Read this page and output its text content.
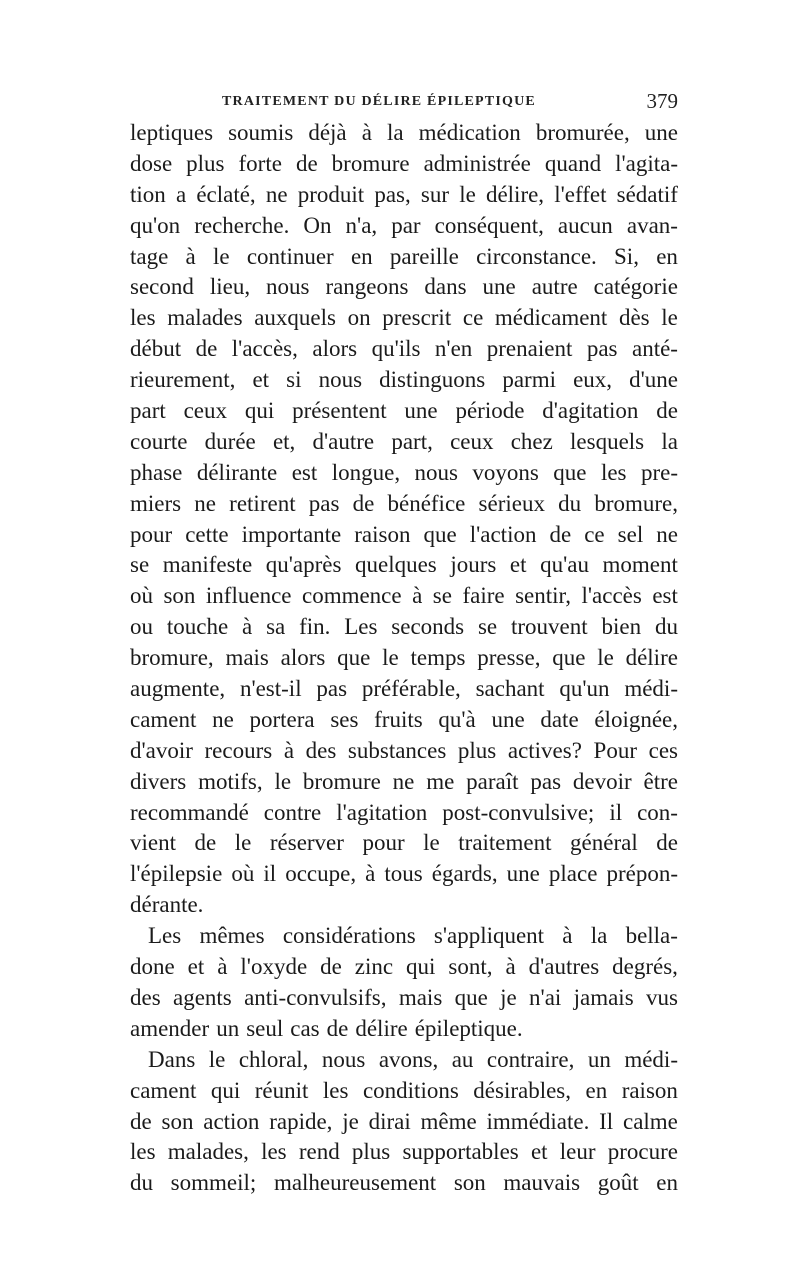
TRAITEMENT DU DÉLIRE ÉPILEPTIQUE	379
leptiques soumis déjà à la médication bromurée, une
dose plus forte de bromure administrée quand l'agita-
tion a éclaté, ne produit pas, sur le délire, l'effet sédatif
qu'on recherche. On n'a, par conséquent, aucun avan-
tage à le continuer en pareille circonstance. Si, en
second lieu, nous rangeons dans une autre catégorie
les malades auxquels on prescrit ce médicament dès le
début de l'accès, alors qu'ils n'en prenaient pas anté-
rieurement, et si nous distinguons parmi eux, d'une
part ceux qui présentent une période d'agitation de
courte durée et, d'autre part, ceux chez lesquels la
phase délirante est longue, nous voyons que les pre-
miers ne retirent pas de bénéfice sérieux du bromure,
pour cette importante raison que l'action de ce sel ne
se manifeste qu'après quelques jours et qu'au moment
où son influence commence à se faire sentir, l'accès est
ou touche à sa fin. Les seconds se trouvent bien du
bromure, mais alors que le temps presse, que le délire
augmente, n'est-il pas préférable, sachant qu'un médi-
cament ne portera ses fruits qu'à une date éloignée,
d'avoir recours à des substances plus actives? Pour ces
divers motifs, le bromure ne me paraît pas devoir être
recommandé contre l'agitation post-convulsive; il con-
vient de le réserver pour le traitement général de
l'épilepsie où il occupe, à tous égards, une place prépon-
dérante.
Les mêmes considérations s'appliquent à la bella-
done et à l'oxyde de zinc qui sont, à d'autres degrés,
des agents anti-convulsifs, mais que je n'ai jamais vus
amender un seul cas de délire épileptique.
Dans le chloral, nous avons, au contraire, un médi-
cament qui réunit les conditions désirables, en raison
de son action rapide, je dirai même immédiate. Il calme
les malades, les rend plus supportables et leur procure
du sommeil; malheureusement son mauvais goût en
